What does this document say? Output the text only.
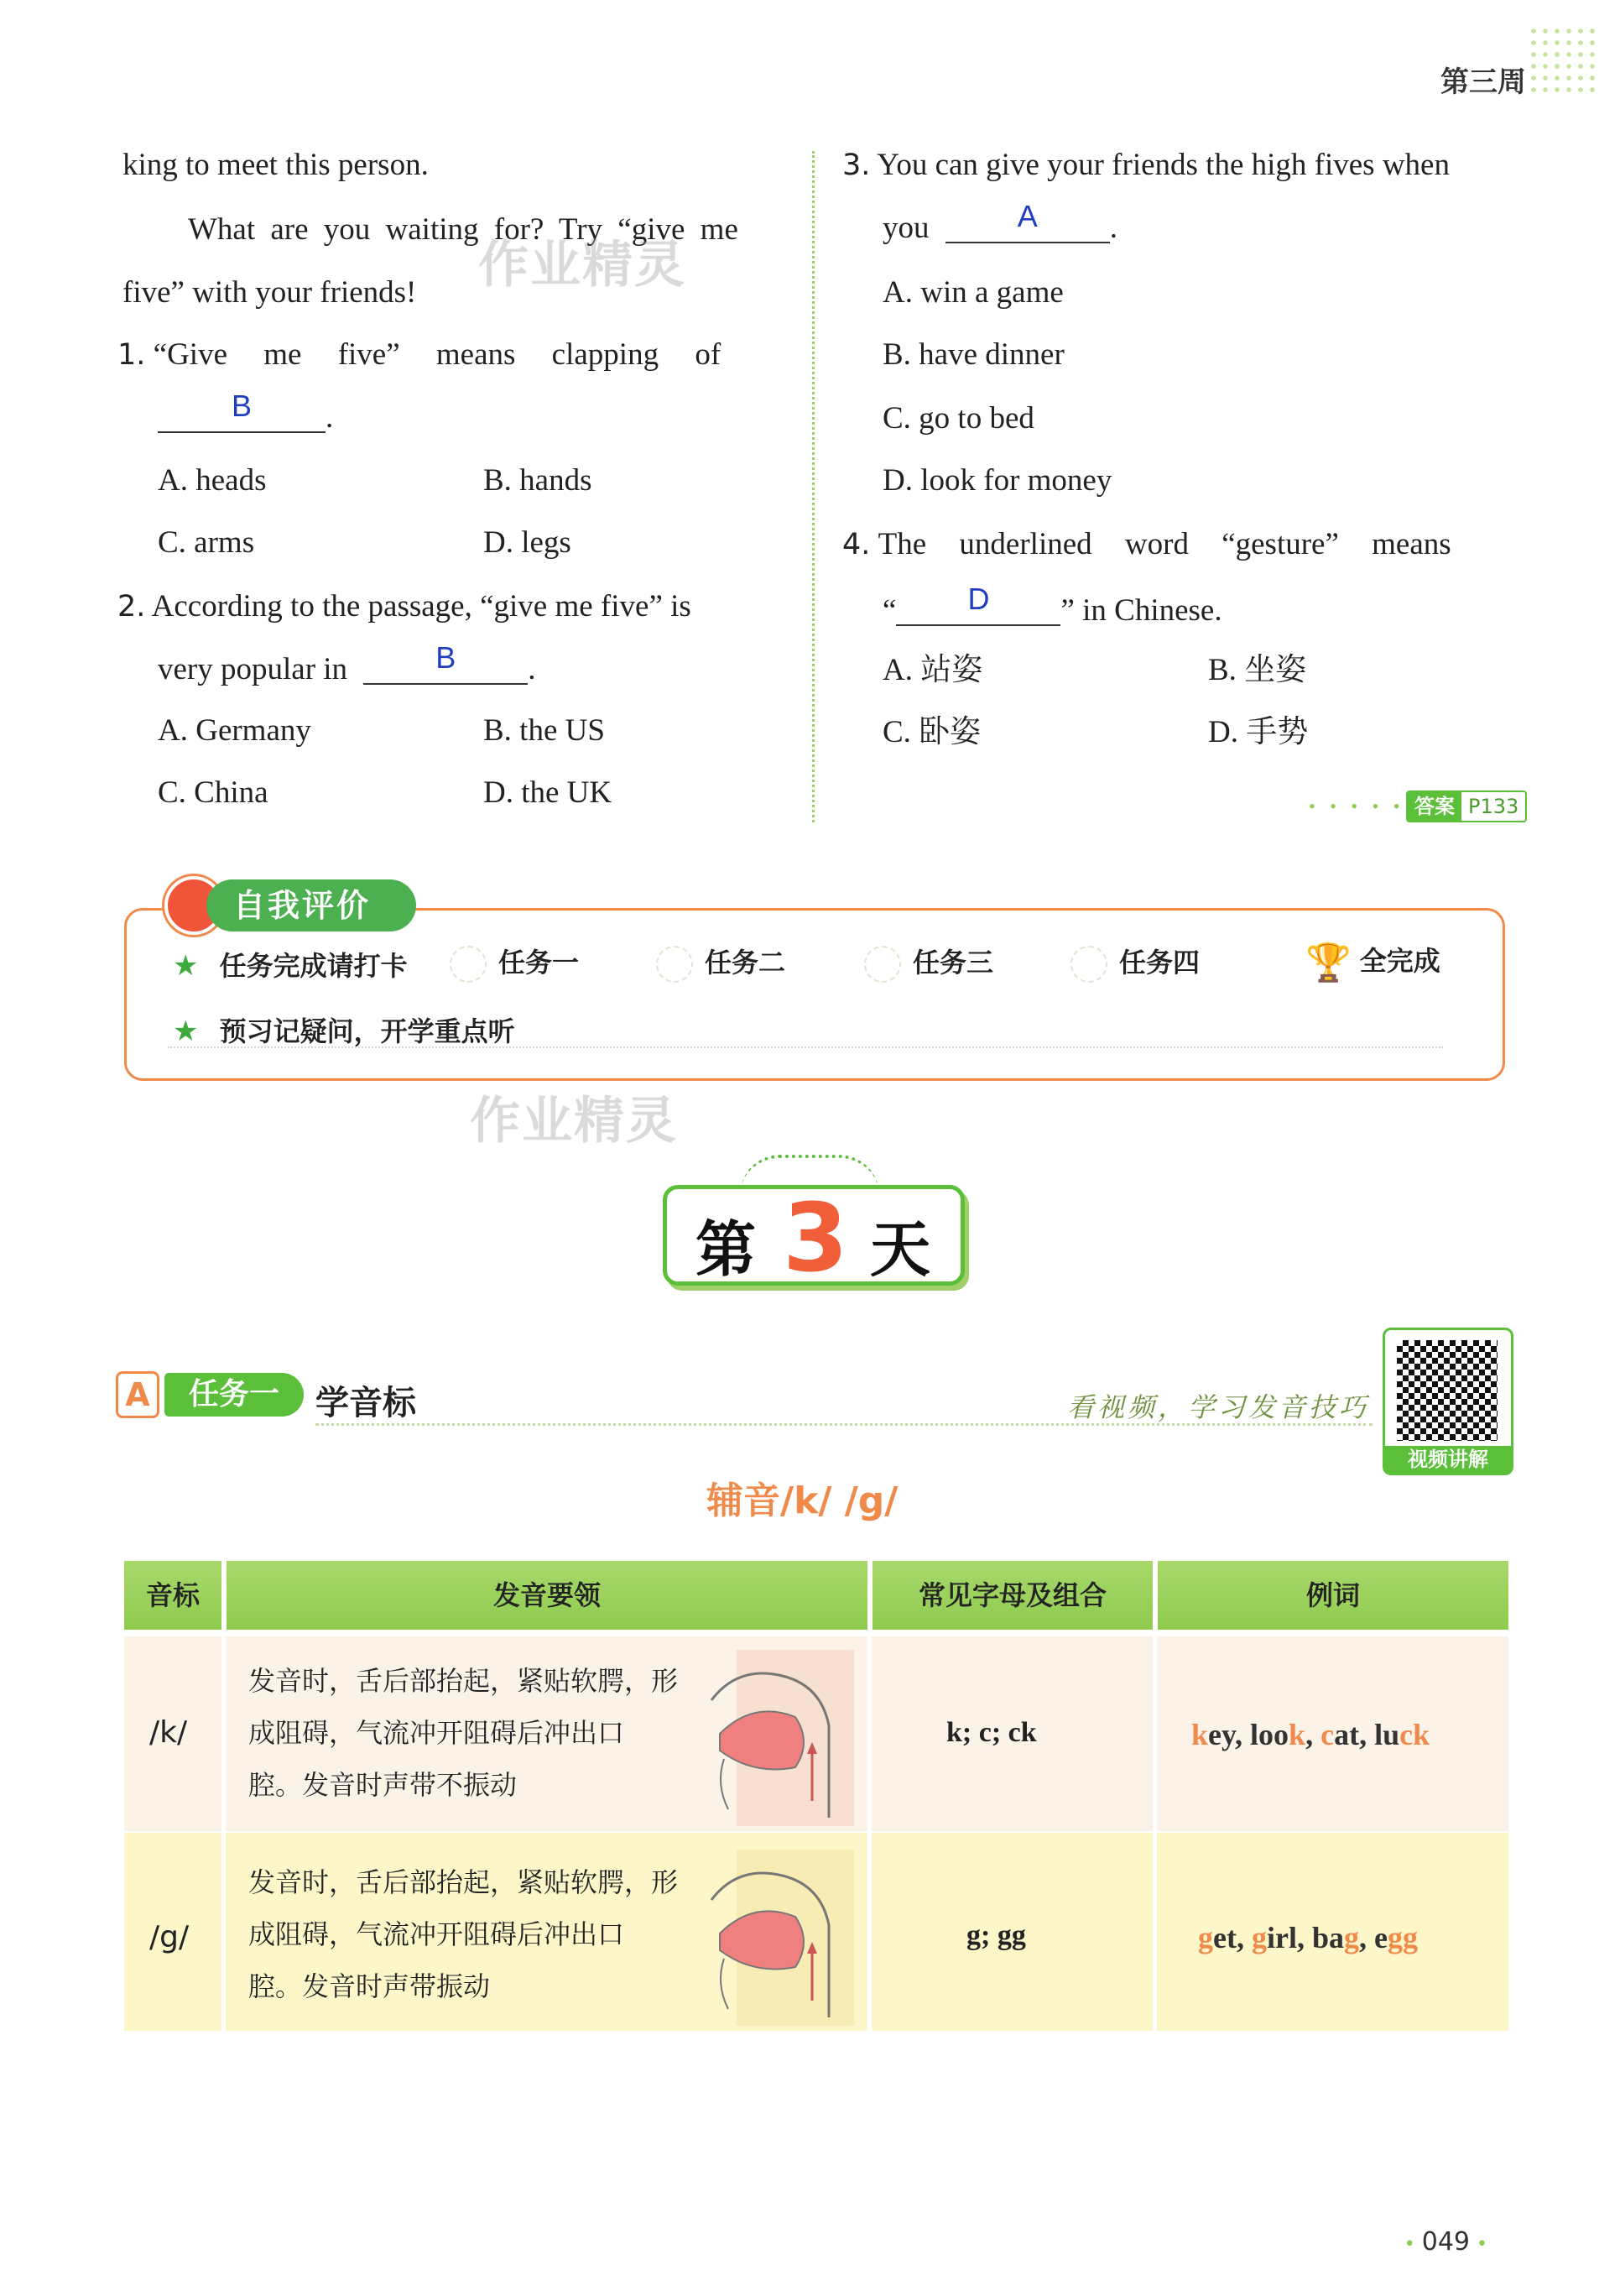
第三周
king to meet this person.
What are you waiting for? Try “give me
five” with your friends! 作业精灵
1. “Give me five” means clapping of
B	.
A. heads	B. hands
C. arms	D. legs
2. According to the passage, “give me five” is
very popular in	B	.
A. Germany	B. the US
C. China	D. the UK
3. You can give your friends the high fives when
you	A	.
A. win a game
B. have dinner
C. go to bed
D. look for money
4. The underlined word “gesture” means
“	D	” in Chinese.
A. 站姿	B. 坐姿
C. 卧姿	D. 手势
• • • • • 答案 P133
自我评价
★ 任务完成请打卡	任务一	任务二	任务三	任务四	🏆 全完成
★ 预习记疑问，开学重点听
作业精灵
第 3 天
A	任务一	学音标	看视频，学习发音技巧
视频讲解
辅音/k/ /g/
音标	发音要领	常见字母及组合	例词
/k/
发音时，舌后部抬起，紧贴软腭，形
成阻碍，气流冲开阻碍后冲出口
腔。发音时声带不振动
k; c; ck	key, look, cat, luck
/g/
发音时，舌后部抬起，紧贴软腭，形
成阻碍，气流冲开阻碍后冲出口
腔。发音时声带振动
g; gg	get, girl, bag, egg
• 049 •
